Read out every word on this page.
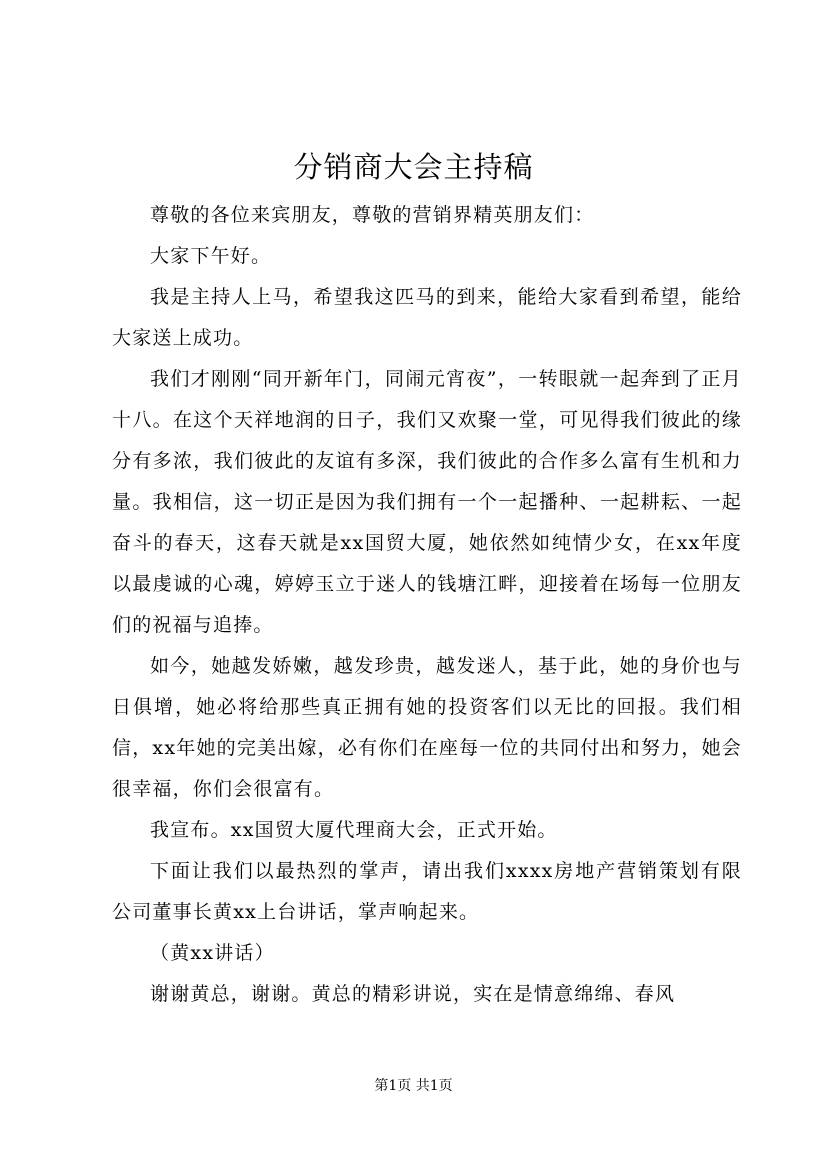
分销商大会主持稿

尊敬的各位来宾朋友，尊敬的营销界精英朋友们：

大家下午好。

我是主持人上马，希望我这匹马的到来，能给大家看到希望，能给大家送上成功。

我们才刚刚“同开新年门，同闹元宵夜”，一转眼就一起奔到了正月十八。在这个天祥地润的日子，我们又欢聚一堂，可见得我们彼此的缘分有多浓，我们彼此的友谊有多深，我们彼此的合作多么富有生机和力量。我相信，这一切正是因为我们拥有一个一起播种、一起耕耘、一起奋斗的春天，这春天就是xx国贸大厦，她依然如纯情少女，在xx年度以最虔诚的心魂，婷婷玉立于迷人的钱塘江畔，迎接着在场每一位朋友们的祝福与追捧。

如今，她越发娇嫩，越发珍贵，越发迷人，基于此，她的身价也与日俱增，她必将给那些真正拥有她的投资客们以无比的回报。我们相信，xx年她的完美出嫁，必有你们在座每一位的共同付出和努力，她会很幸福，你们会很富有。

我宣布。xx国贸大厦代理商大会，正式开始。

下面让我们以最热烈的掌声，请出我们xxxx房地产营销策划有限公司董事长黄xx上台讲话，掌声响起来。

（黄xx讲话）

谢谢黄总，谢谢。黄总的精彩讲说，实在是情意绵绵、春风

第1页 共1页
